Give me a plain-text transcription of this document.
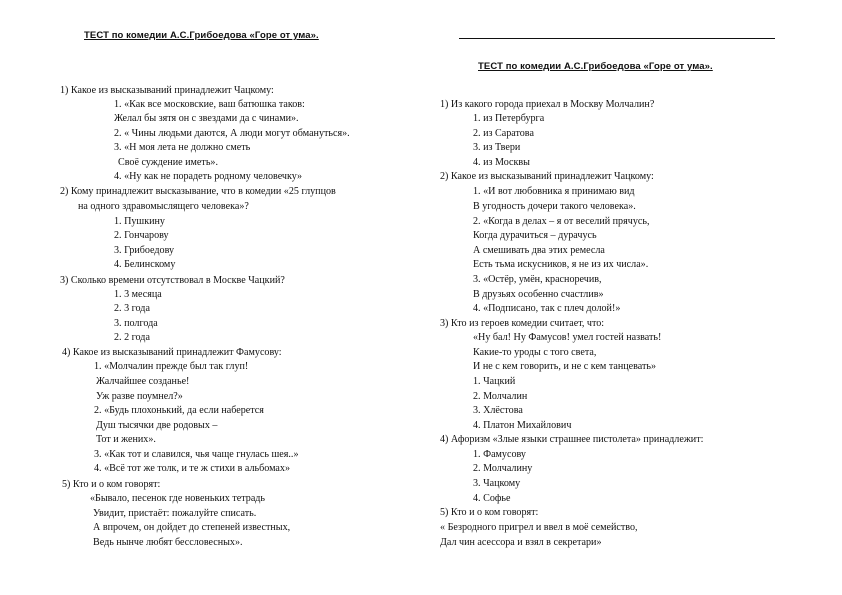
ТЕСТ по комедии А.С.Грибоедова «Горе от ума».
ТЕСТ по комедии А.С.Грибоедова «Горе от ума».
1) Какое из высказываний принадлежит Чацкому:
1. «Как все московские, ваш батюшка таков:
Желал бы зятя он с звездами да с чинами».
2. « Чины людьми даются, А люди могут обмануться».
3. «Н моя лета не должно сметь
Своё суждение иметь».
4. «Ну как не порадеть родному человечку»
2) Кому принадлежит высказывание, что в комедии «25 глупцов
на одного здравомыслящего человека»?
1. Пушкину
2. Гончарову
3. Грибоедову
4. Белинскому
3) Сколько времени отсутствовал в Москве Чацкий?
1. 3 месяца
2. 3 года
3. полгода
2. 2 года
4) Какое из высказываний принадлежит Фамусову:
1. «Молчалин прежде был так глуп!
Жалчайшее созданье!
Уж разве поумнел?»
2. «Будь плохонький, да если наберется
Душ тысячки две родовых –
Тот и жених».
3. «Как тот и славился, чья чаще гнулась шея..»
4. «Всё тот же толк, и те ж стихи в альбомах»
5) Кто и о ком говорят:
«Бывало, песенок где новеньких тетрадь
Увидит, пристаёт: пожалуйте списать.
А впрочем, он дойдет до степеней известных,
Ведь нынче любят бессловесных».
1) Из какого города приехал в Москву Молчалин?
1. из Петербурга
2. из Саратова
3. из Твери
4. из Москвы
2) Какое из высказываний принадлежит Чацкому:
1. «И вот любовника я принимаю вид
В угодность дочери такого человека».
2. «Когда в делах – я от веселий прячусь,
Когда дурачиться – дурачусь
А смешивать два этих ремесла
Есть тьма искусников, я не из их числа».
3. «Остёр, умён, красноречив,
В друзьях особенно счастлив»
4. «Подписано, так с плеч долой!»
3) Кто из героев комедии считает, что:
«Ну бал! Ну Фамусов! умел гостей назвать!
Какие-то уроды с того света,
И не с кем говорить, и не с кем танцевать»
1. Чацкий
2. Молчалин
3. Хлёстова
4. Платон Михайлович
4) Афоризм «Злые языки страшнее пистолета» принадлежит:
1. Фамусову
2. Молчалину
3. Чацкому
4. Софье
5) Кто и о ком говорят:
« Безродного пригрел и ввел в моё семейство,
Дал чин асессора и взял в секретари»
